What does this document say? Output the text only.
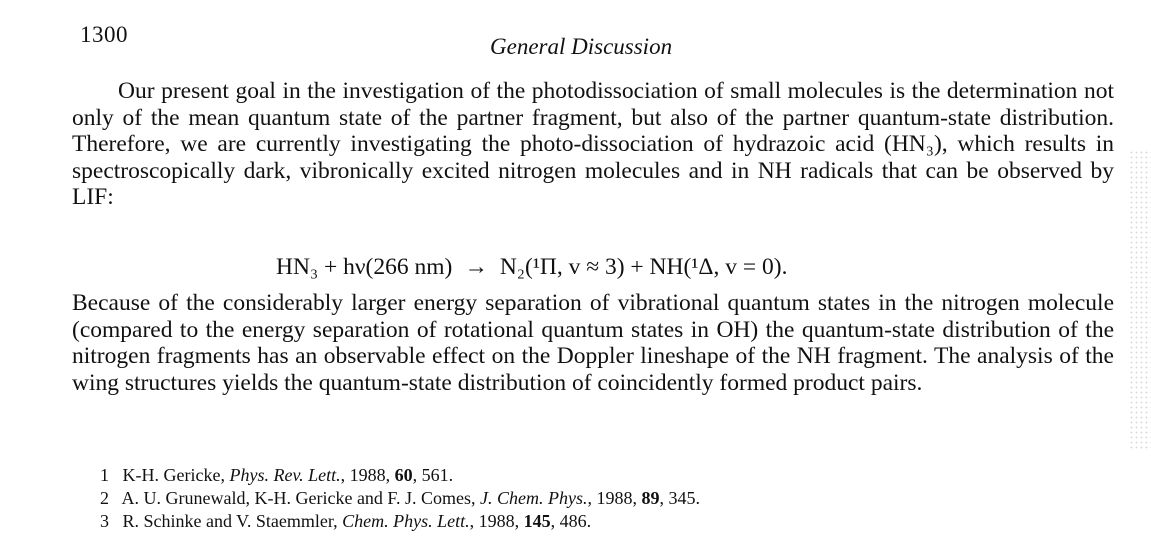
1300	General Discussion

Our present goal in the investigation of the photodissociation of small molecules is the determination not only of the mean quantum state of the partner fragment, but also of the partner quantum-state distribution. Therefore, we are currently investigating the photo-dissociation of hydrazoic acid (HN₃), which results in spectroscopically dark, vibronically excited nitrogen molecules and in NH radicals that can be observed by LIF:

HN₃ + hν(266 nm) → N₂(¹Π, v ≈ 3) + NH(¹Δ, v = 0).

Because of the considerably larger energy separation of vibrational quantum states in the nitrogen molecule (compared to the energy separation of rotational quantum states in OH) the quantum-state distribution of the nitrogen fragments has an observable effect on the Doppler lineshape of the NH fragment. The analysis of the wing structures yields the quantum-state distribution of coincidently formed product pairs.

1 K-H. Gericke, Phys. Rev. Lett., 1988, 60, 561.
2 A. U. Grunewald, K-H. Gericke and F. J. Comes, J. Chem. Phys., 1988, 89, 345.
3 R. Schinke and V. Staemmler, Chem. Phys. Lett., 1988, 145, 486.
